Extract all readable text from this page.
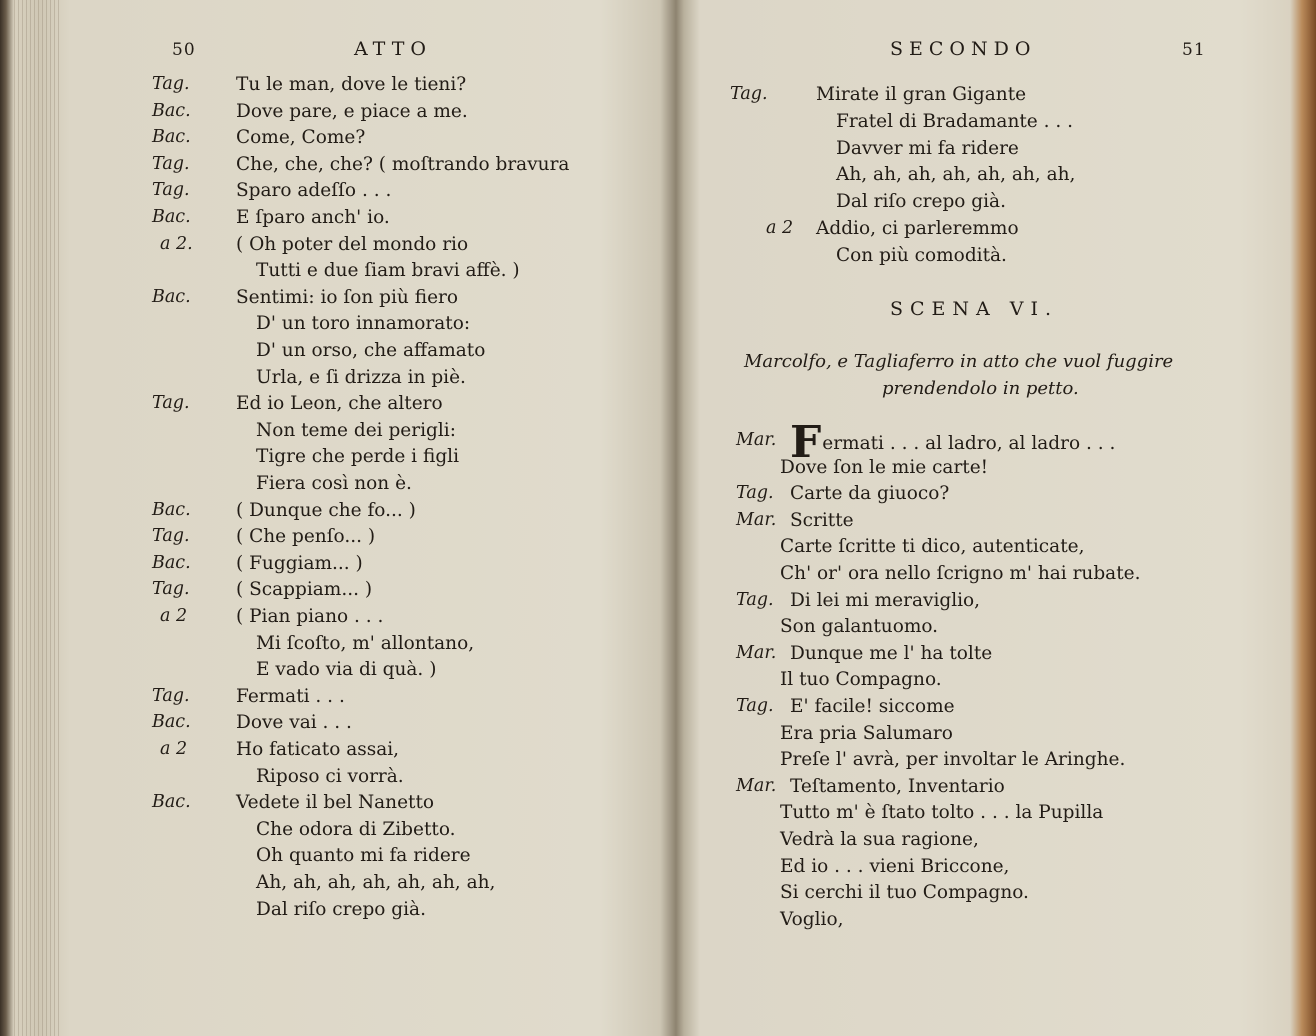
50	ATTO
Tag.	Tu le man, dove le tieni?
Bac. Dove pare, e piace a me.
Bac. Come, Come?
Tag.	Che, che, che? ( moſtrando bravura
Tag.	Sparo adeſſo . . .
Bac. E ſparo anch' io.
a 2. ( Oh poter del mondo rio
Tutti e due ſiam bravi affè. )
Bac. Sentimi: io ſon più fiero
D' un toro innamorato:
D' un orso, che affamato
Urla, e ſi drizza in piè.
Tag.	Ed io Leon, che altero
Non teme dei perigli:
Tigre che perde i figli
Fiera così non è.
Bac. ( Dunque che fo... )
Tag.	( Che penſo... )
Bac. ( Fuggiam... )
Tag.	( Scappiam... )
a 2	( Pian piano . . .
Mi ſcoſto, m' allontano,
E vado via di quà. )
Tag.	Fermati . . .
Bac. Dove vai . . .
a 2	Ho faticato assai,
Riposo ci vorrà.
Bac. Vedete il bel Nanetto
Che odora di Zibetto.
Oh quanto mi fa ridere
Ah, ah, ah, ah, ah, ah, ah,
Dal riſo crepo già.
SECONDO	51
Tag.	Mirate il gran Gigante
Fratel di Bradamante . . .
Davver mi fa ridere
Ah, ah, ah, ah, ah, ah, ah,
Dal riſo crepo già.
a 2 Addio, ci parleremmo
Con più comodità.
SCENA VI.
Marcolfo, e Tagliaferro in atto che vuol fuggire
prendendolo in petto.
Mar. Fermati . . . al ladro, al ladro . . .
Dove ſon le mie carte!
Tag. Carte da giuoco?
Mar. Scritte
Carte ſcritte ti dico, autenticate,
Ch' or' ora nello ſcrigno m' hai rubate.
Tag. Di lei mi meraviglio,
Son galantuomo.
Mar. Dunque me l' ha tolte
Il tuo Compagno.
Tag. E' facile! siccome
Era pria Salumaro
Preſe l' avrà, per involtar le Aringhe.
Mar. Teſtamento, Inventario
Tutto m' è ſtato tolto . . . la Pupilla
Vedrà la sua ragione,
Ed io . . . vieni Briccone,
Si cerchi il tuo Compagno.
Voglio,
